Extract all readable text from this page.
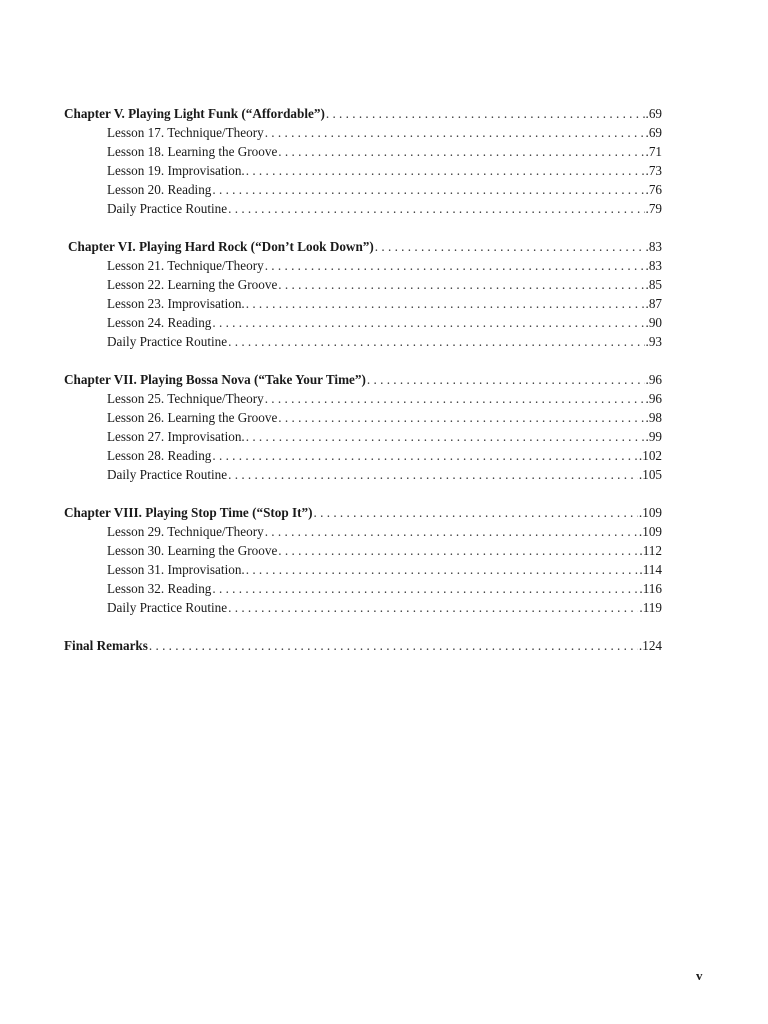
Chapter V. Playing Light Funk (“Affordable”) . . .	.69
Lesson 17. Technique/Theory . . .	.69
Lesson 18. Learning the Groove . . .	.71
Lesson 19. Improvisation. . . .	.73
Lesson 20. Reading . . .	.76
Daily Practice Routine . . .	.79
Chapter VI. Playing Hard Rock (“Don’t Look Down”) . . .	.83
Lesson 21. Technique/Theory . . .	.83
Lesson 22. Learning the Groove . . .	.85
Lesson 23. Improvisation. . . .	.87
Lesson 24. Reading . . .	.90
Daily Practice Routine . . .	.93
Chapter VII. Playing Bossa Nova (“Take Your Time”) . . .	.96
Lesson 25. Technique/Theory . . .	.96
Lesson 26. Learning the Groove . . .	.98
Lesson 27. Improvisation. . . .	.99
Lesson 28. Reading . . .	.102
Daily Practice Routine . . .	.105
Chapter VIII. Playing Stop Time (“Stop It”) . . .	.109
Lesson 29. Technique/Theory . . .	.109
Lesson 30. Learning the Groove . . .	.112
Lesson 31. Improvisation. . . .	.114
Lesson 32. Reading . . .	.116
Daily Practice Routine . . .	.119
Final Remarks . . .	.124
v
